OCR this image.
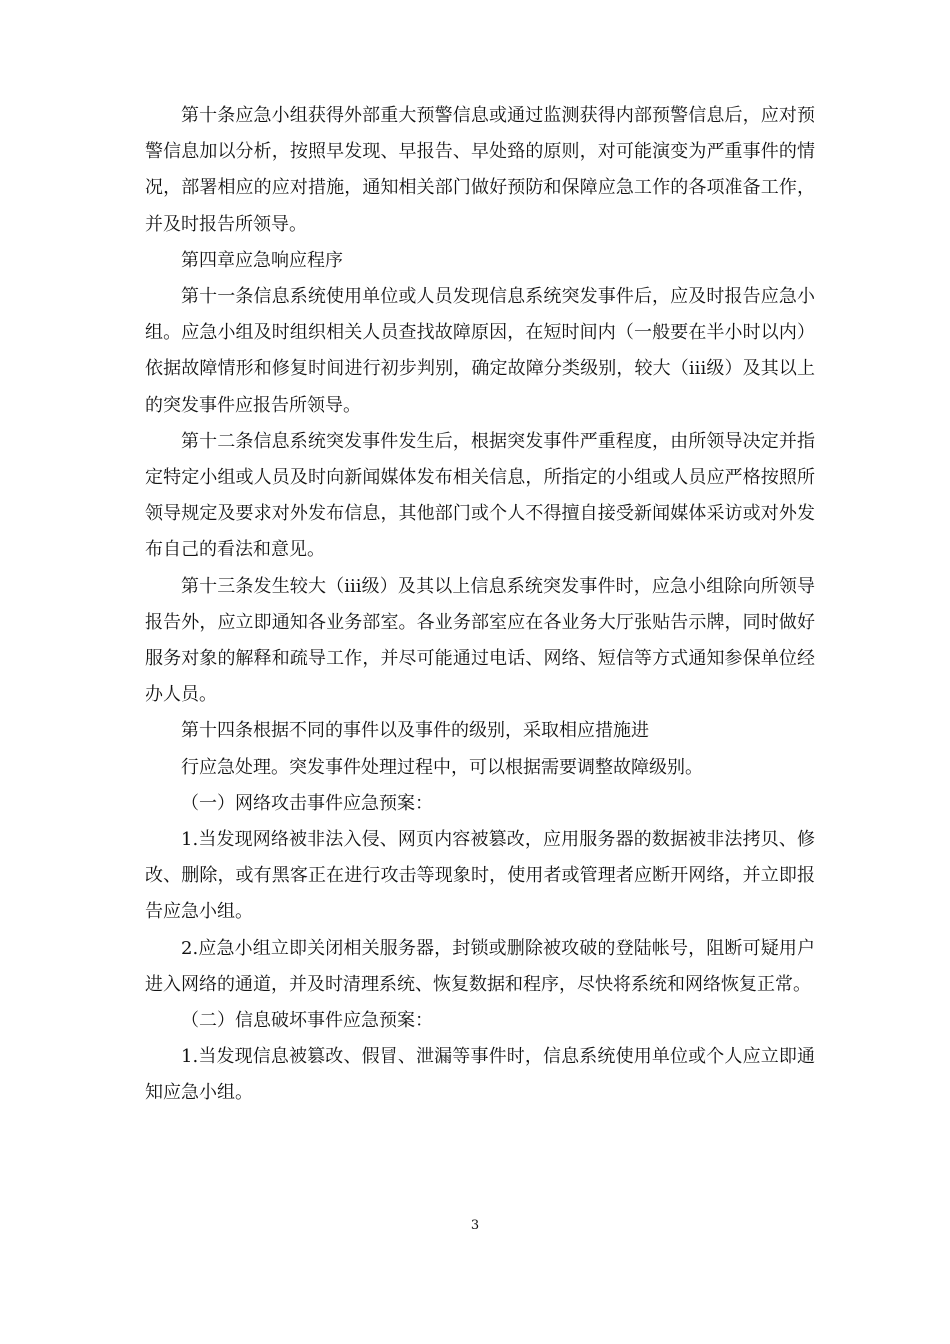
第十条应急小组获得外部重大预警信息或通过监测获得内部预警信息后，应对预警信息加以分析，按照早发现、早报告、早处臵的原则，对可能演变为严重事件的情况，部署相应的应对措施，通知相关部门做好预防和保障应急工作的各项准备工作，并及时报告所领导。

第四章应急响应程序

第十一条信息系统使用单位或人员发现信息系统突发事件后，应及时报告应急小组。应急小组及时组织相关人员查找故障原因，在短时间内（一般要在半小时以内）依据故障情形和修复时间进行初步判别，确定故障分类级别，较大（iii级）及其以上的突发事件应报告所领导。

第十二条信息系统突发事件发生后，根据突发事件严重程度，由所领导决定并指定特定小组或人员及时向新闻媒体发布相关信息，所指定的小组或人员应严格按照所领导规定及要求对外发布信息，其他部门或个人不得擅自接受新闻媒体采访或对外发布自己的看法和意见。

第十三条发生较大（iii级）及其以上信息系统突发事件时，应急小组除向所领导报告外，应立即通知各业务部室。各业务部室应在各业务大厅张贴告示牌，同时做好服务对象的解释和疏导工作，并尽可能通过电话、网络、短信等方式通知参保单位经办人员。

第十四条根据不同的事件以及事件的级别，采取相应措施进

行应急处理。突发事件处理过程中，可以根据需要调整故障级别。

（一）网络攻击事件应急预案：

1.当发现网络被非法入侵、网页内容被篡改，应用服务器的数据被非法拷贝、修改、删除，或有黑客正在进行攻击等现象时，使用者或管理者应断开网络，并立即报告应急小组。

2.应急小组立即关闭相关服务器，封锁或删除被攻破的登陆帐号，阻断可疑用户进入网络的通道，并及时清理系统、恢复数据和程序，尽快将系统和网络恢复正常。

（二）信息破坏事件应急预案：

1.当发现信息被篡改、假冒、泄漏等事件时，信息系统使用单位或个人应立即通知应急小组。

3
